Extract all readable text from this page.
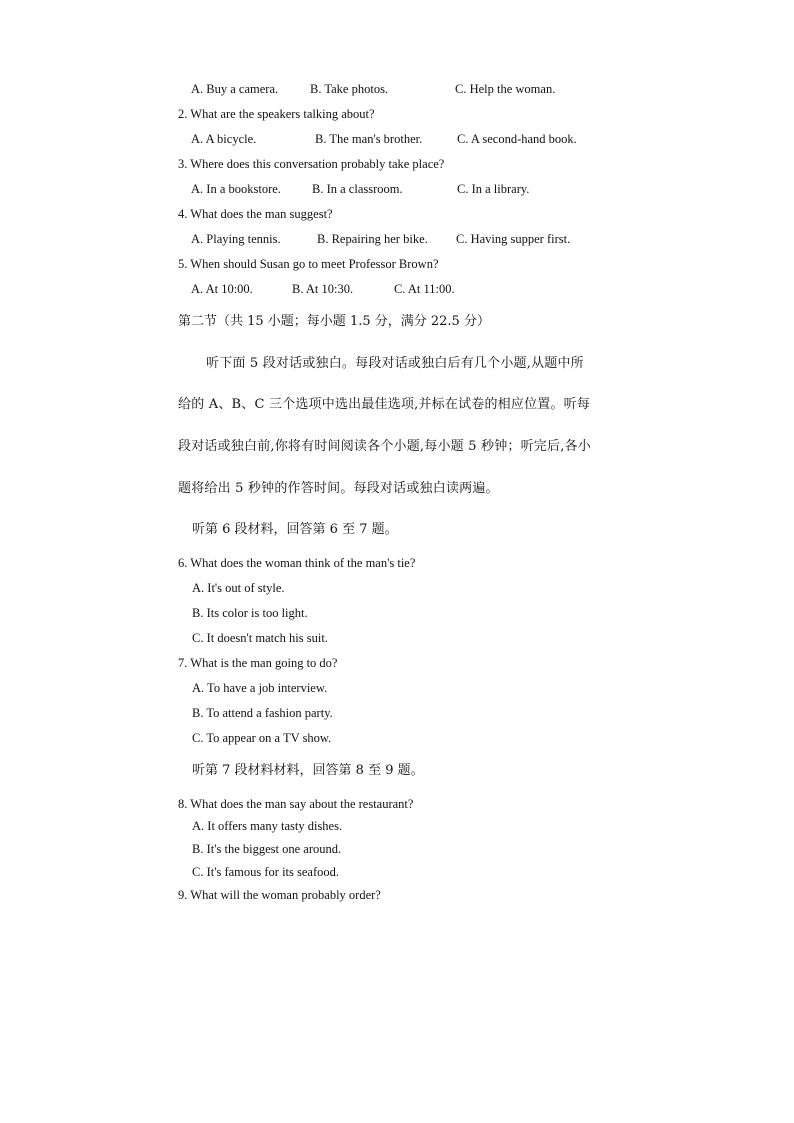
A. Buy a camera.	B. Take photos.	C. Help the woman.
2. What are the speakers talking about?
A. A bicycle.	B. The man's brother.	C. A second-hand book.
3. Where does this conversation probably take place?
A. In a bookstore. B. In a classroom.	C. In a library.
4. What does the man suggest?
A. Playing tennis.	B. Repairing her bike. C. Having supper first.
5. When should Susan go to meet Professor Brown?
A. At 10:00.	B. At 10:30.	C. At 11:00.
第二节（共 15 小题；每小题 1.5 分，满分 22.5 分）
听下面 5 段对话或独白。每段对话或独白后有几个小题,从题中所
给的 A、B、C 三个选项中选出最佳选项,并标在试卷的相应位置。听每
段对话或独白前,你将有时间阅读各个小题,每小题 5 秒钟；听完后,各小
题将给出 5 秒钟的作答时间。每段对话或独白读两遍。
听第 6 段材料，回答第 6 至 7 题。
6. What does the woman think of the man's tie?
A. It's out of style.
B. Its color is too light.
C. It doesn't match his suit.
7. What is the man going to do?
A. To have a job interview.
B. To attend a fashion party.
C. To appear on a TV show.
听第 7 段材料材料，回答第 8 至 9 题。
8. What does the man say about the restaurant?
A. It offers many tasty dishes.
B. It's the biggest one around.
C. It's famous for its seafood.
9. What will the woman probably order?
